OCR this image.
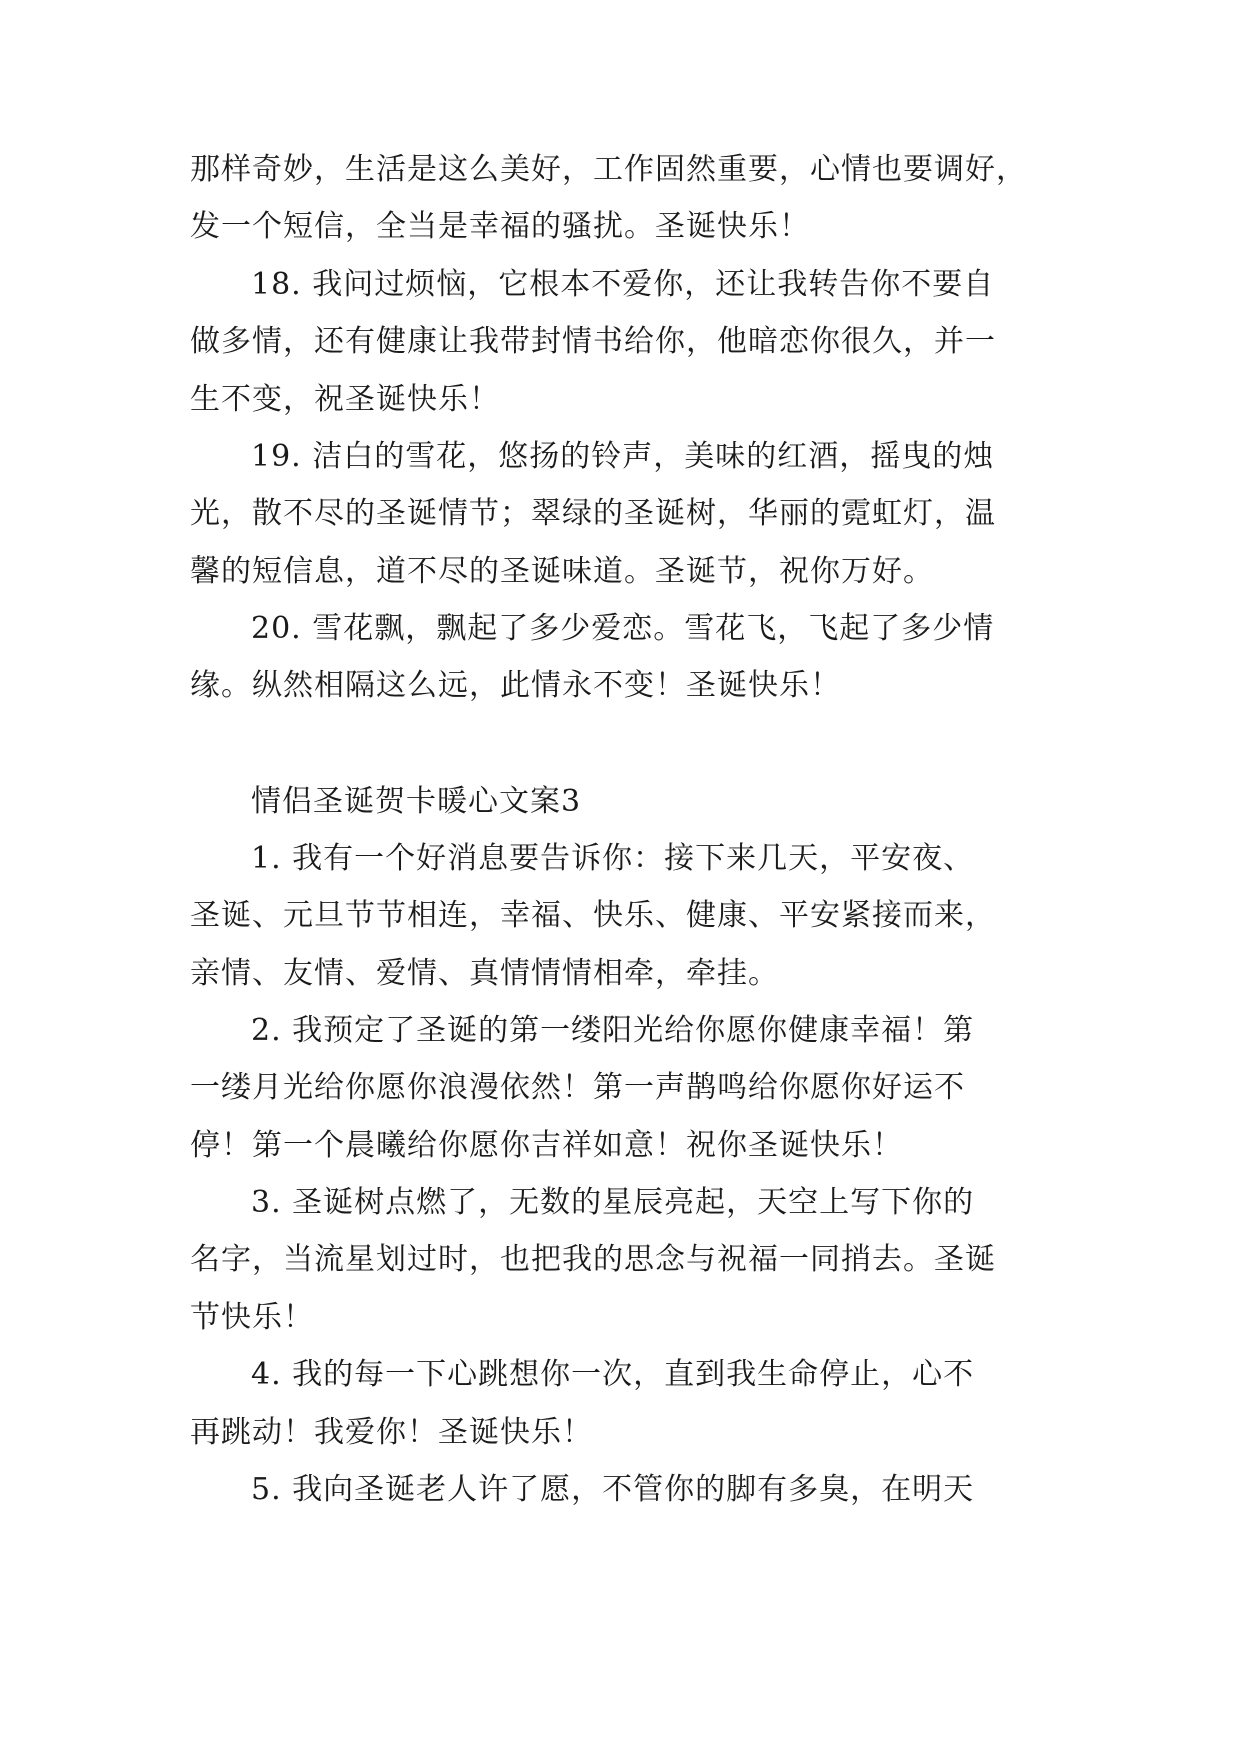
那样奇妙，生活是这么美好，工作固然重要，心情也要调好，
发一个短信，全当是幸福的骚扰。圣诞快乐！
18. 我问过烦恼，它根本不爱你，还让我转告你不要自
做多情，还有健康让我带封情书给你，他暗恋你很久，并一
生不变，祝圣诞快乐！
19. 洁白的雪花，悠扬的铃声，美味的红酒，摇曳的烛
光，散不尽的圣诞情节；翠绿的圣诞树，华丽的霓虹灯，温
馨的短信息，道不尽的圣诞味道。圣诞节，祝你万好。
20. 雪花飘，飘起了多少爱恋。雪花飞，飞起了多少情
缘。纵然相隔这么远，此情永不变！圣诞快乐！
情侣圣诞贺卡暖心文案3
1. 我有一个好消息要告诉你：接下来几天，平安夜、
圣诞、元旦节节相连，幸福、快乐、健康、平安紧接而来，
亲情、友情、爱情、真情情情相牵，牵挂。
2. 我预定了圣诞的第一缕阳光给你愿你健康幸福！第
一缕月光给你愿你浪漫依然！第一声鹊鸣给你愿你好运不
停！第一个晨曦给你愿你吉祥如意！祝你圣诞快乐！
3. 圣诞树点燃了，无数的星辰亮起，天空上写下你的
名字，当流星划过时，也把我的思念与祝福一同捎去。圣诞
节快乐！
4. 我的每一下心跳想你一次，直到我生命停止，心不
再跳动！我爱你！圣诞快乐！
5. 我向圣诞老人许了愿，不管你的脚有多臭，在明天
